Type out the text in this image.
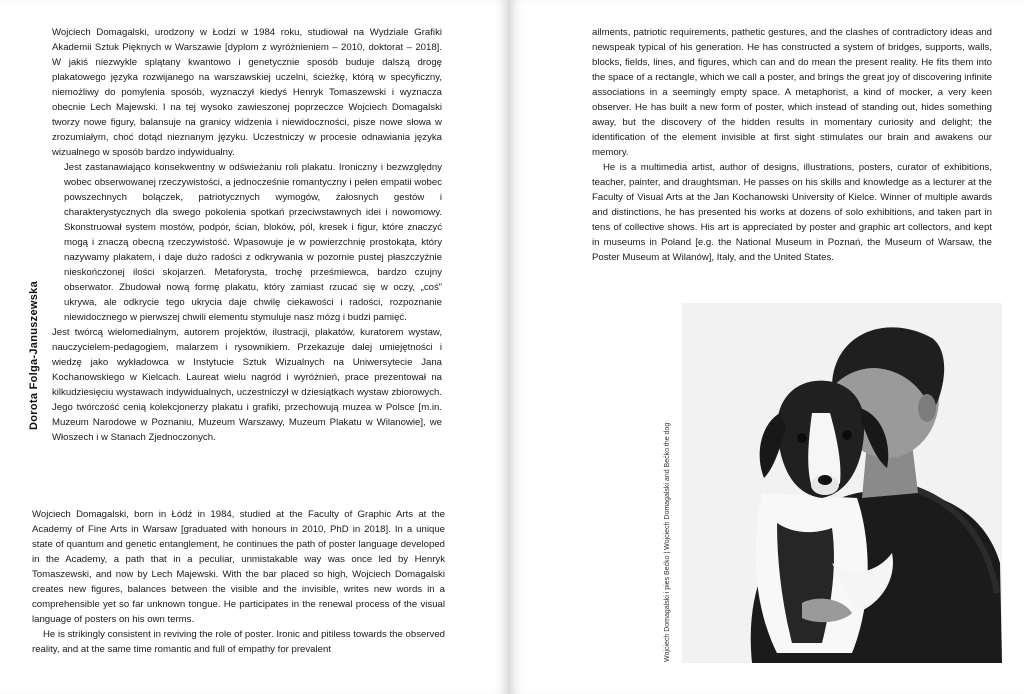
Dorota Folga-Januszewska

Wojciech Domagalski, urodzony w Łodzi w 1984 roku, studiował na Wydziale Grafiki Akademii Sztuk Pięknych w Warszawie [dyplom z wyróżnieniem – 2010, doktorat – 2018]. W jakiś niezwykle splątany kwantowo i genetycznie sposób buduje dalszą drogę plakatowego języka rozwijanego na warszawskiej uczelni, ścieżkę, którą w specyficzny, niemożliwy do pomylenia sposób, wyznaczył kiedyś Henryk Tomaszewski i wyznacza obecnie Lech Majewski. I na tej wysoko zawieszonej poprzeczce Wojciech Domagalski tworzy nowe figury, balansuje na granicy widzenia i niewidoczności, pisze nowe słowa w zrozumiałym, choć dotąd nieznanym języku. Uczestniczy w procesie odnawiania języka wizualnego w sposób bardzo indywidualny.

Jest zastanawiająco konsekwentny w odświeżaniu roli plakatu. Ironiczny i bezwzględny wobec obserwowanej rzeczywistości, a jednocześnie romantyczny i pełen empatii wobec powszechnych bolączek, patriotycznych wymogów, żałosnych gestów i charakterystycznych dla swego pokolenia spotkań przeciwstawnych idei i nowomowy. Skonstruował system mostów, podpór, ścian, bloków, pól, kresek i figur, które znaczyć mogą i znaczą obecną rzeczywistość. Wpasowuje je w powierzchnię prostokąta, który nazywamy plakatem, i daje dużo radości z odkrywania w pozornie pustej płaszczyźnie nieskończonej ilości skojarzeń. Metaforysta, trochę prześmiewca, bardzo czujny obserwator. Zbudował nową formę plakatu, który zamiast rzucać się w oczy, „coś” ukrywa, ale odkrycie tego ukrycia daje chwilę ciekawości i radości, rozpoznanie niewidocznego w pierwszej chwili elementu stymuluje nasz mózg i budzi pamięć.

Jest twórcą wielomedialnym, autorem projektów, ilustracji, plakatów, kuratorem wystaw, nauczycielem-pedagogiem, malarzem i rysownikiem. Przekazuje dalej umiejętności i wiedzę jako wykładowca w Instytucie Sztuk Wizualnych na Uniwersytecie Jana Kochanowskiego w Kielcach. Laureat wielu nagród i wyróżnień, prace prezentował na kilkudziesięciu wystawach indywidualnych, uczestniczył w dziesiątkach wystaw zbiorowych. Jego twórczość cenią kolekcjonerzy plakatu i grafiki, przechowują muzea w Polsce [m.in. Muzeum Narodowe w Poznaniu, Muzeum Warszawy, Muzeum Plakatu w Wilanowie], we Włoszech i w Stanach Zjednoczonych.

Wojciech Domagalski, born in Łódź in 1984, studied at the Faculty of Graphic Arts at the Academy of Fine Arts in Warsaw [graduated with honours in 2010, PhD in 2018]. In a unique state of quantum and genetic entanglement, he continues the path of poster language developed in the Academy, a path that in a peculiar, unmistakable way was once led by Henryk Tomaszewski, and now by Lech Majewski. With the bar placed so high, Wojciech Domagalski creates new figures, balances between the visible and the invisible, writes new words in a comprehensible yet so far unknown tongue. He participates in the renewal process of the visual language of posters on his own terms.

He is strikingly consistent in reviving the role of poster. Ironic and pitiless towards the observed reality, and at the same time romantic and full of empathy for prevalent

ailments, patriotic requirements, pathetic gestures, and the clashes of contradictory ideas and newspeak typical of his generation. He has constructed a system of bridges, supports, walls, blocks, fields, lines, and figures, which can and do mean the present reality. He fits them into the space of a rectangle, which we call a poster, and brings the great joy of discovering infinite associations in a seemingly empty space. A metaphorist, a kind of mocker, a very keen observer. He has built a new form of poster, which instead of standing out, hides something away, but the discovery of the hidden results in momentary curiosity and delight; the identification of the element invisible at first sight stimulates our brain and awakens our memory.

He is a multimedia artist, author of designs, illustrations, posters, curator of exhibitions, teacher, painter, and draughtsman. He passes on his skills and knowledge as a lecturer at the Faculty of Visual Arts at the Jan Kochanowski University of Kielce. Winner of multiple awards and distinctions, he has presented his works at dozens of solo exhibitions, and taken part in tens of collective shows. His art is appreciated by poster and graphic art collectors, and kept in museums in Poland [e.g. the National Museum in Poznań, the Museum of Warsaw, the Poster Museum at Wilanów], Italy, and the United States.

Wojciech Domagalski i pies Bećko | Wojciech Domagalski and Bećko the dog
